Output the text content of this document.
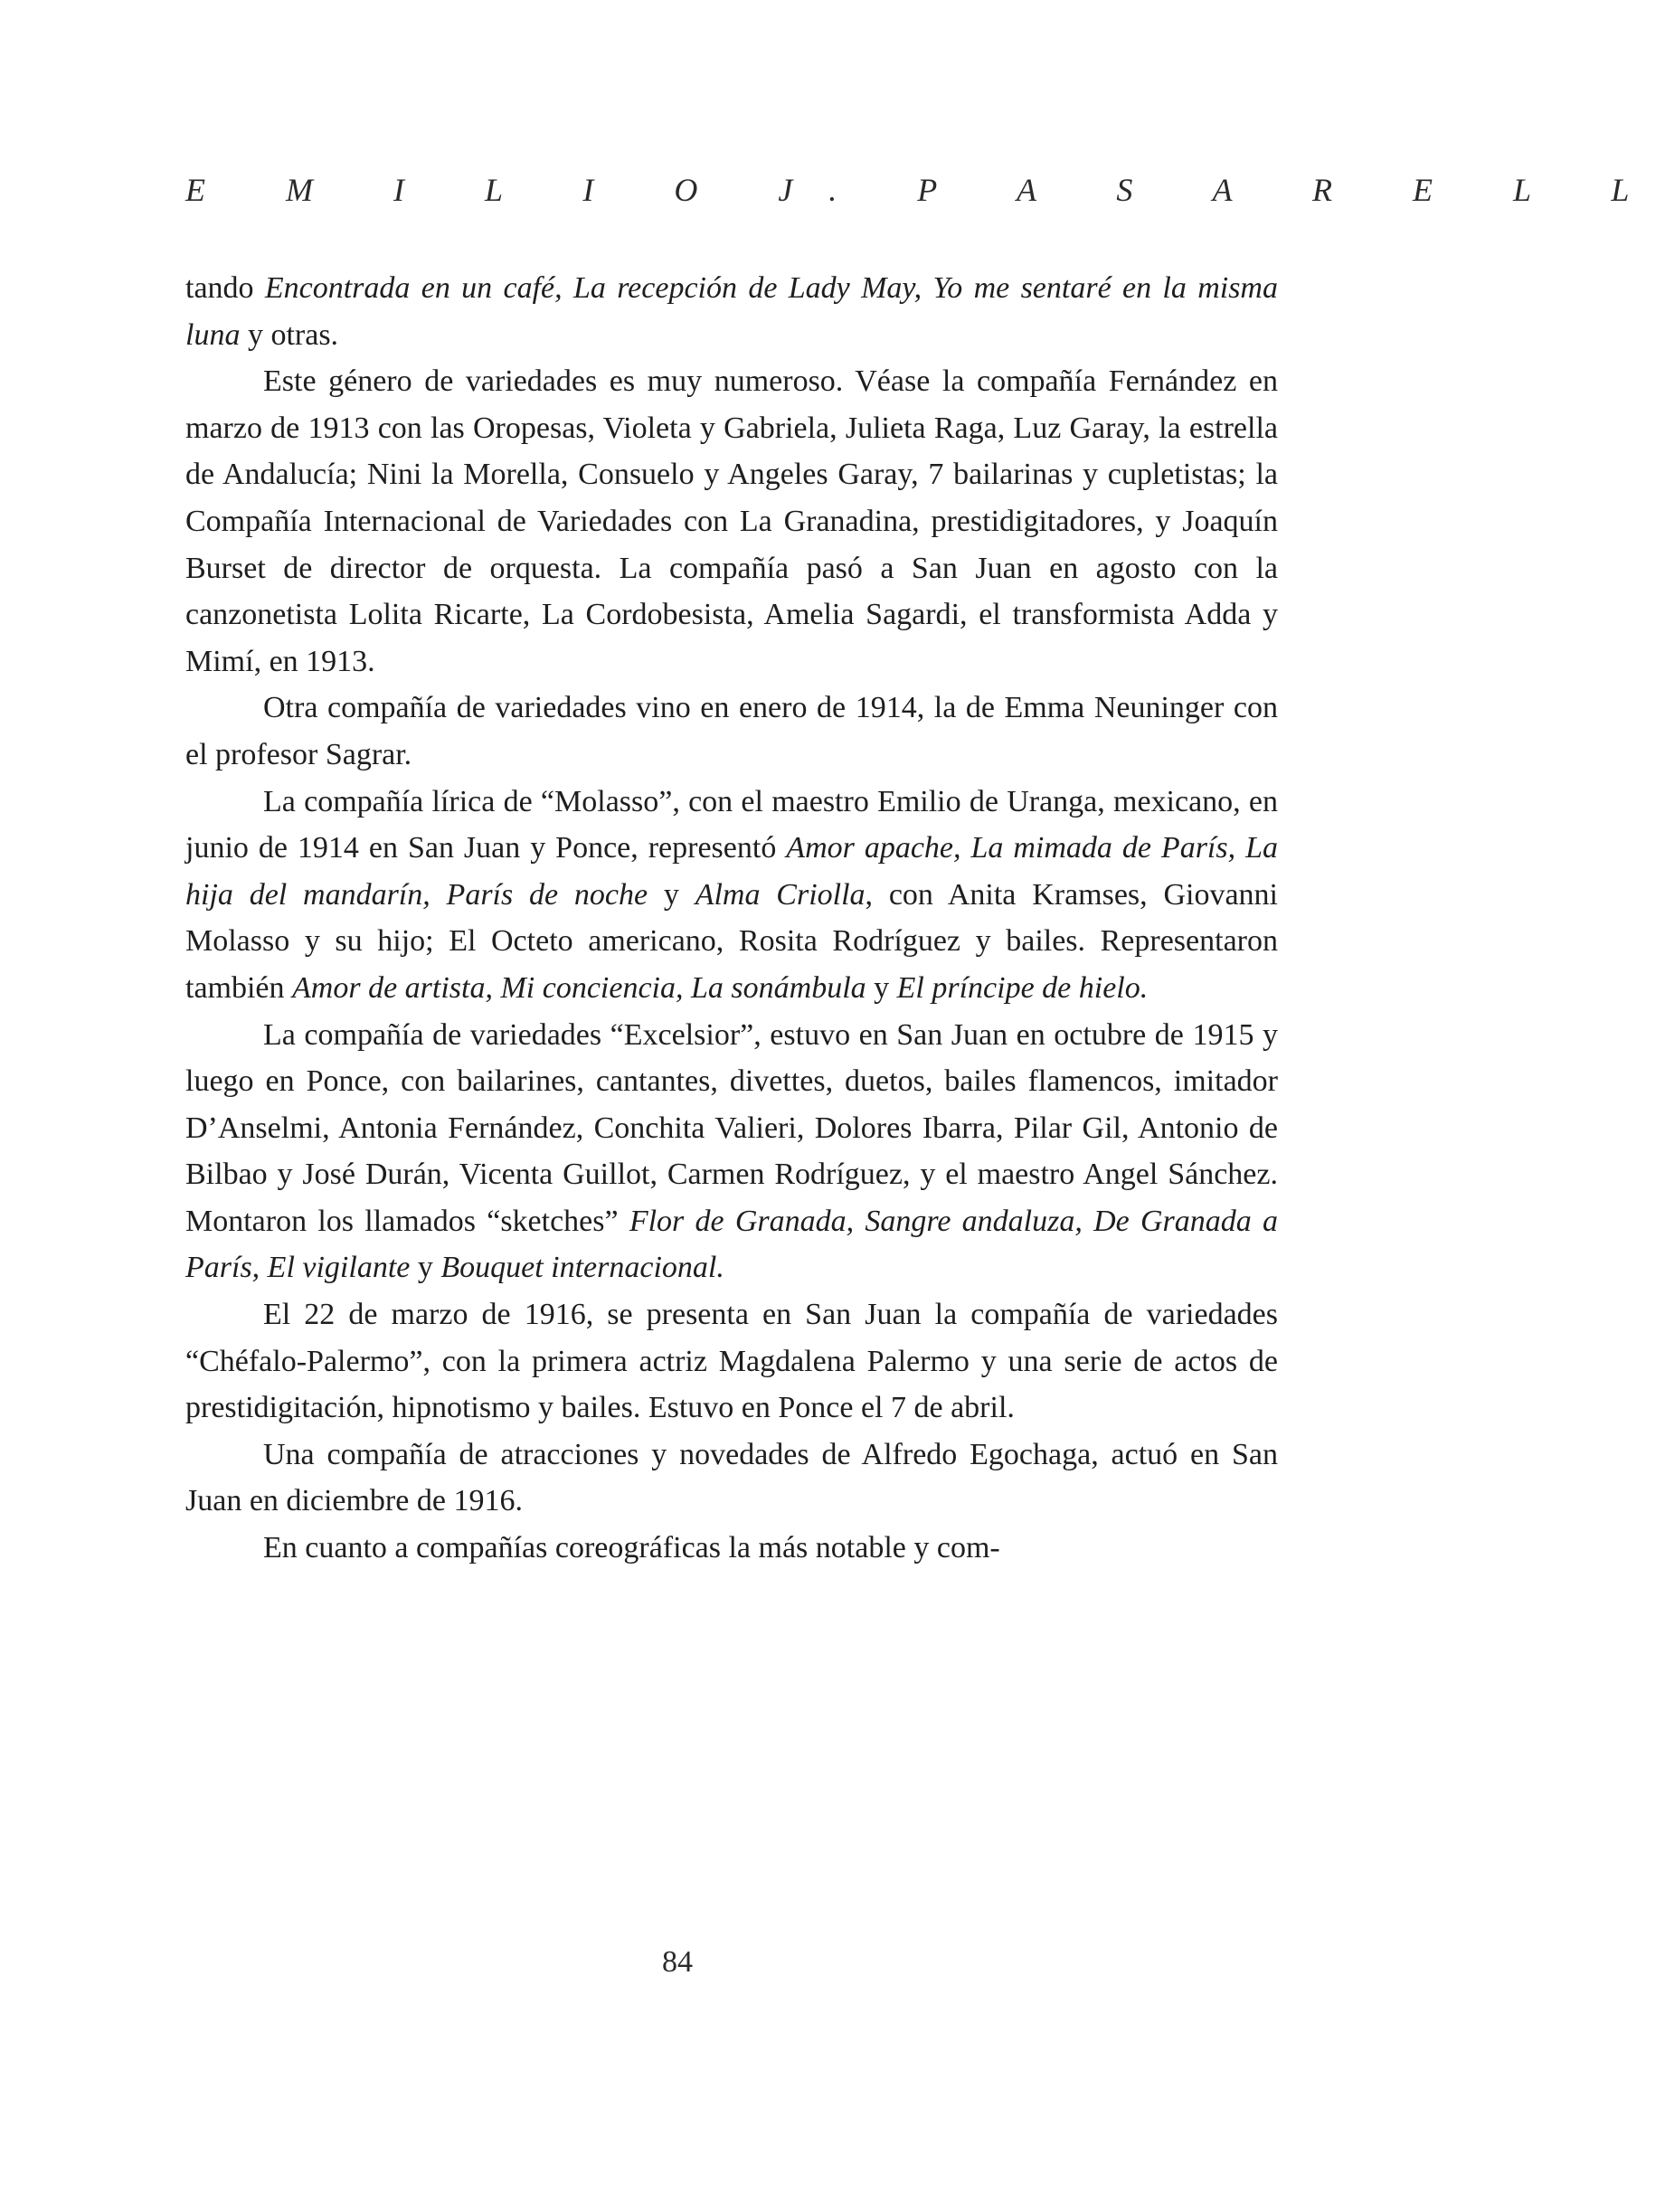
E M I L I O J. P A S A R E L L

tando Encontrada en un café, La recepción de Lady May, Yo me sentaré en la misma luna y otras.

Este género de variedades es muy numeroso. Véase la compañía Fernández en marzo de 1913 con las Oropesas, Violeta y Gabriela, Julieta Raga, Luz Garay, la estrella de Andalucía; Nini la Morella, Consuelo y Angeles Garay, 7 bailarinas y cupletistas; la Compañía Internacional de Variedades con La Granadina, prestidigitadores, y Joaquín Burset de director de orquesta. La compañía pasó a San Juan en agosto con la canzonetista Lolita Ricarte, La Cordobesista, Amelia Sagardi, el transformista Adda y Mimí, en 1913.

Otra compañía de variedades vino en enero de 1914, la de Emma Neuninger con el profesor Sagrar.

La compañía lírica de “Molasso”, con el maestro Emilio de Uranga, mexicano, en junio de 1914 en San Juan y Ponce, representó Amor apache, La mimada de París, La hija del mandarín, París de noche y Alma Criolla, con Anita Kramses, Giovanni Molasso y su hijo; El Octeto americano, Rosita Rodríguez y bailes. Representaron también Amor de artista, Mi conciencia, La sonámbula y El príncipe de hielo.

La compañía de variedades “Excelsior”, estuvo en San Juan en octubre de 1915 y luego en Ponce, con bailarines, cantantes, divettes, duetos, bailes flamencos, imitador D’Anselmi, Antonia Fernández, Conchita Valieri, Dolores Ibarra, Pilar Gil, Antonio de Bilbao y José Durán, Vicenta Guillot, Carmen Rodríguez, y el maestro Angel Sánchez. Montaron los llamados “sketches” Flor de Granada, Sangre andaluza, De Granada a París, El vigilante y Bouquet internacional.

El 22 de marzo de 1916, se presenta en San Juan la compañía de variedades “Chéfalo-Palermo”, con la primera actriz Magdalena Palermo y una serie de actos de prestidigitación, hipnotismo y bailes. Estuvo en Ponce el 7 de abril.

Una compañía de atracciones y novedades de Alfredo Egochaga, actuó en San Juan en diciembre de 1916.

En cuanto a compañías coreográficas la más notable y com-

84
